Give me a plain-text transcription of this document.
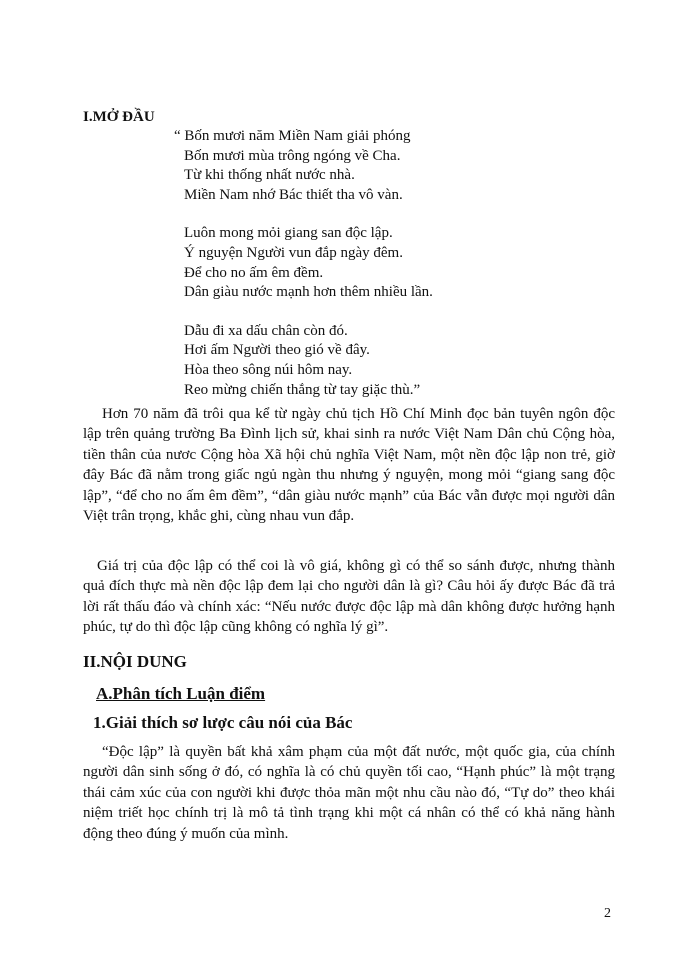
I.MỞ ĐẦU
“ Bốn mươi năm Miền Nam giải phóng
Bốn mươi mùa trông ngóng về Cha.
Từ khi thống nhất nước nhà.
Miền Nam nhớ Bác thiết tha vô vàn.
Luôn mong mỏi giang san độc lập.
Ý nguyện Người vun đắp ngày đêm.
Để cho no ấm êm đềm.
Dân giàu nước mạnh hơn thêm nhiều lần.
Dẫu đi xa dấu chân còn đó.
Hơi ấm Người theo gió về đây.
Hòa theo sông núi hôm nay.
Reo mừng chiến thắng từ tay giặc thù.”

Hơn 70 năm đã trôi qua kể từ ngày chủ tịch Hồ Chí Minh đọc bản tuyên ngôn độc lập trên quảng trường Ba Đình lịch sử, khai sinh ra nước Việt Nam Dân chủ Cộng hòa, tiền thân của nươc Cộng hòa Xã hội chủ nghĩa Việt Nam, một nền độc lập non trẻ, giờ đây Bác đã nằm trong giấc ngủ ngàn thu nhưng ý nguyện, mong mỏi “giang sang độc lập”, “để cho no ấm êm đềm”, “dân giàu nước mạnh” của Bác vẫn được mọi người dân Việt trân trọng, khắc ghi, cùng nhau vun đắp.

Giá trị của độc lập có thể coi là vô giá, không gì có thể so sánh được, nhưng thành quả đích thực mà nền độc lập đem lại cho người dân là gì? Câu hỏi ấy được Bác đã trả lời rất thấu đáo và chính xác: “Nếu nước được độc lập mà dân không được hưởng hạnh phúc, tự do thì độc lập cũng không có nghĩa lý gì”.

II.NỘI DUNG
A.Phân tích Luận điểm
1.Giải thích sơ lược câu nói của Bác

“Độc lập” là quyền bất khả xâm phạm của một đất nước, một quốc gia, của chính người dân sinh sống ở đó, có nghĩa là có chủ quyền tối cao, “Hạnh phúc” là một trạng thái cảm xúc của con người khi được thỏa mãn một nhu cầu nào đó, “Tự do” theo khái niệm triết học chính trị là mô tả tình trạng khi một cá nhân có thể có khả năng hành động theo đúng ý muốn của mình.

2
